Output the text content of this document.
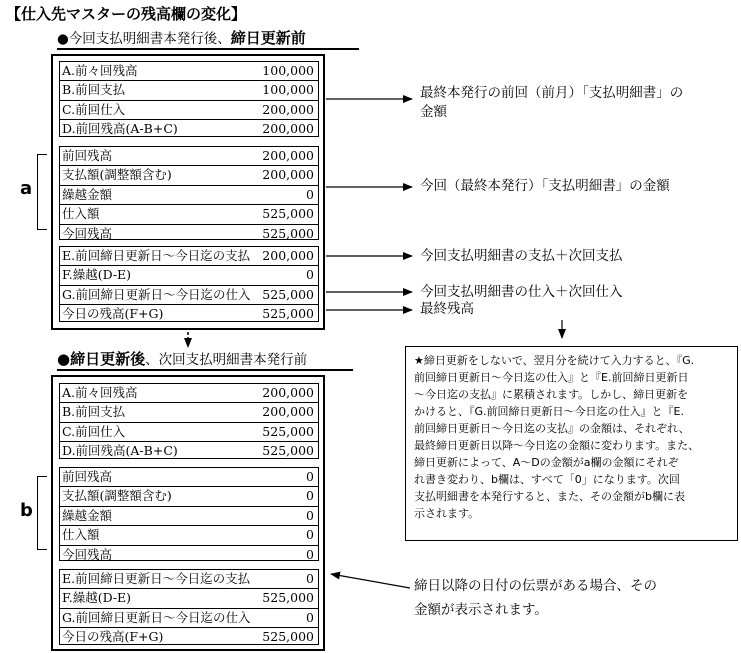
【仕入先マスターの残高欄の変化】
●今回支払明細書本発行後、締日更新前
A.前々回残高	100,000
B.前回支払	100,000
C.前回仕入	200,000
D.前回残高(A-B+C)	200,000
前回残高	200,000
支払額(調整額含む)	200,000
繰越金額	0
仕入額	525,000
今回残高	525,000
E.前回締日更新日～今日迄の支払 200,000
F.繰越(D-E)	0
G.前回締日更新日～今日迄の仕入 525,000
今日の残高(F+G)	525,000
a
最終本発行の前回（前月）「支払明細書」の
金額
今回（最終本発行）「支払明細書」の金額
今回支払明細書の支払＋次回支払
今回支払明細書の仕入＋次回仕入
最終残高
●締日更新後、次回支払明細書本発行前
A.前々回残高	200,000
B.前回支払	200,000
C.前回仕入	525,000
D.前回残高(A-B+C)	525,000
前回残高	0
支払額(調整額含む)	0
繰越金額	0
仕入額	0
今回残高	0
E.前回締日更新日～今日迄の支払	0
F.繰越(D-E)	525,000
G.前回締日更新日～今日迄の仕入	0
今日の残高(F+G)	525,000
b
★締日更新をしないで、翌月分を続けて入力すると、『G.
前回締日更新日～今日迄の仕入』と『E.前回締日更新日
～今日迄の支払』に累積されます。しかし、締日更新を
かけると、『G.前回締日更新日～今日迄の仕入』と『E.
前回締日更新日～今日迄の支払』の金額は、それぞれ、
最終締日更新日以降～今日迄の金額に変わります。また、
締日更新によって、A～Dの金額がa欄の金額にそれぞ
れ書き変わり、b欄は、すべて「0」になります。次回
支払明細書を本発行すると、また、その金額がb欄に表
示されます。
締日以降の日付の伝票がある場合、その
金額が表示されます。
